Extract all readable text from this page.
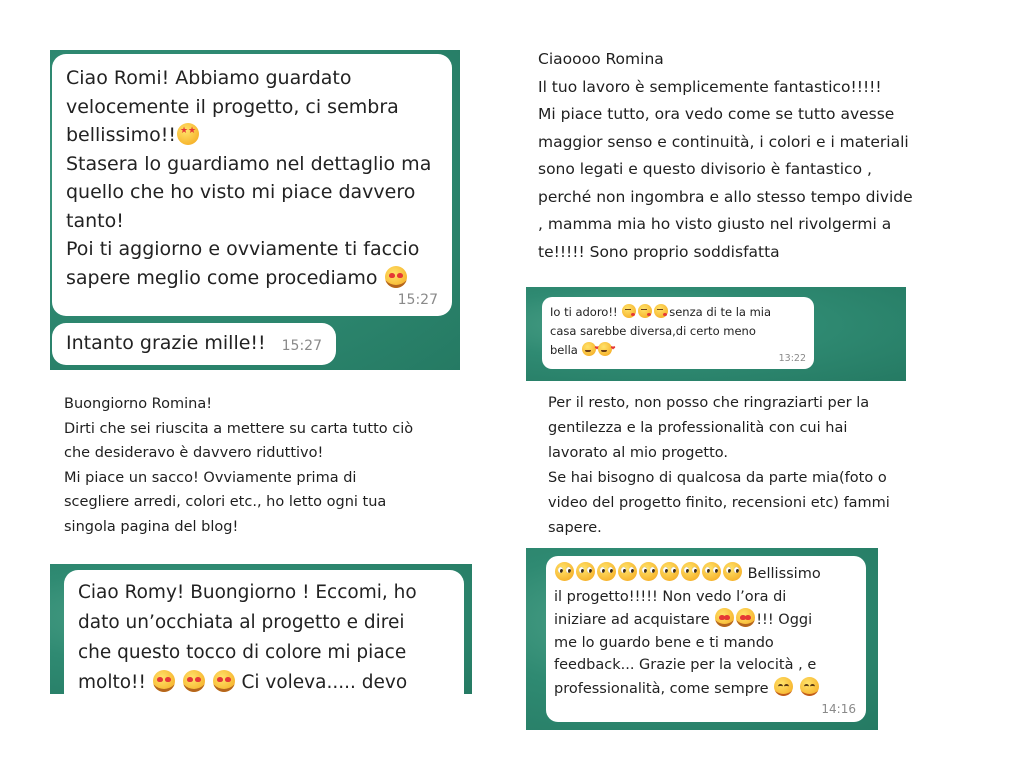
Ciao Romi! Abbiamo guardato
velocemente il progetto, ci sembra
bellissimo!!★ ★
Stasera lo guardiamo nel dettaglio ma
quello che ho visto mi piace davvero
tanto!
Poi ti aggiorno e ovviamente ti faccio
sapere meglio come procediamo
15:27
Intanto grazie mille!! 15:27
Buongiorno Romina!
Dirti che sei riuscita a mettere su carta tutto ciò
che desideravo è davvero riduttivo!
Mi piace un sacco! Ovviamente prima di
scegliere arredi, colori etc., ho letto ogni tua
singola pagina del blog!
Ciao Romy! Buongiorno ! Eccomi, ho
dato un’occhiata al progetto e direi
che questo tocco di colore mi piace
molto!!	Ci voleva..... devo
Ciaoooo Romina
Il tuo lavoro è semplicemente fantastico!!!!!
Mi piace tutto, ora vedo come se tutto avesse
maggior senso e continuità, i colori e i materiali
sono legati e questo divisorio è fantastico ,
perché non ingombra e allo stesso tempo divide
, mamma mia ho visto giusto nel rivolgermi a
te!!!!! Sono proprio soddisfatta
Io ti adoro!!	senza di te la mia
casa sarebbe diversa,di certo meno
bella ❤❤
13:22
Per il resto, non posso che ringraziarti per la
gentilezza e la professionalità con cui hai
lavorato al mio progetto.
Se hai bisogno di qualcosa da parte mia(foto o
video del progetto finito, recensioni etc) fammi
sapere.
Bellissimo
il progetto!!!!! Non vedo l’ora di
iniziare ad acquistare	!!! Oggi
me lo guardo bene e ti mando
feedback... Grazie per la velocità , e
professionalità, come sempre
14:16
